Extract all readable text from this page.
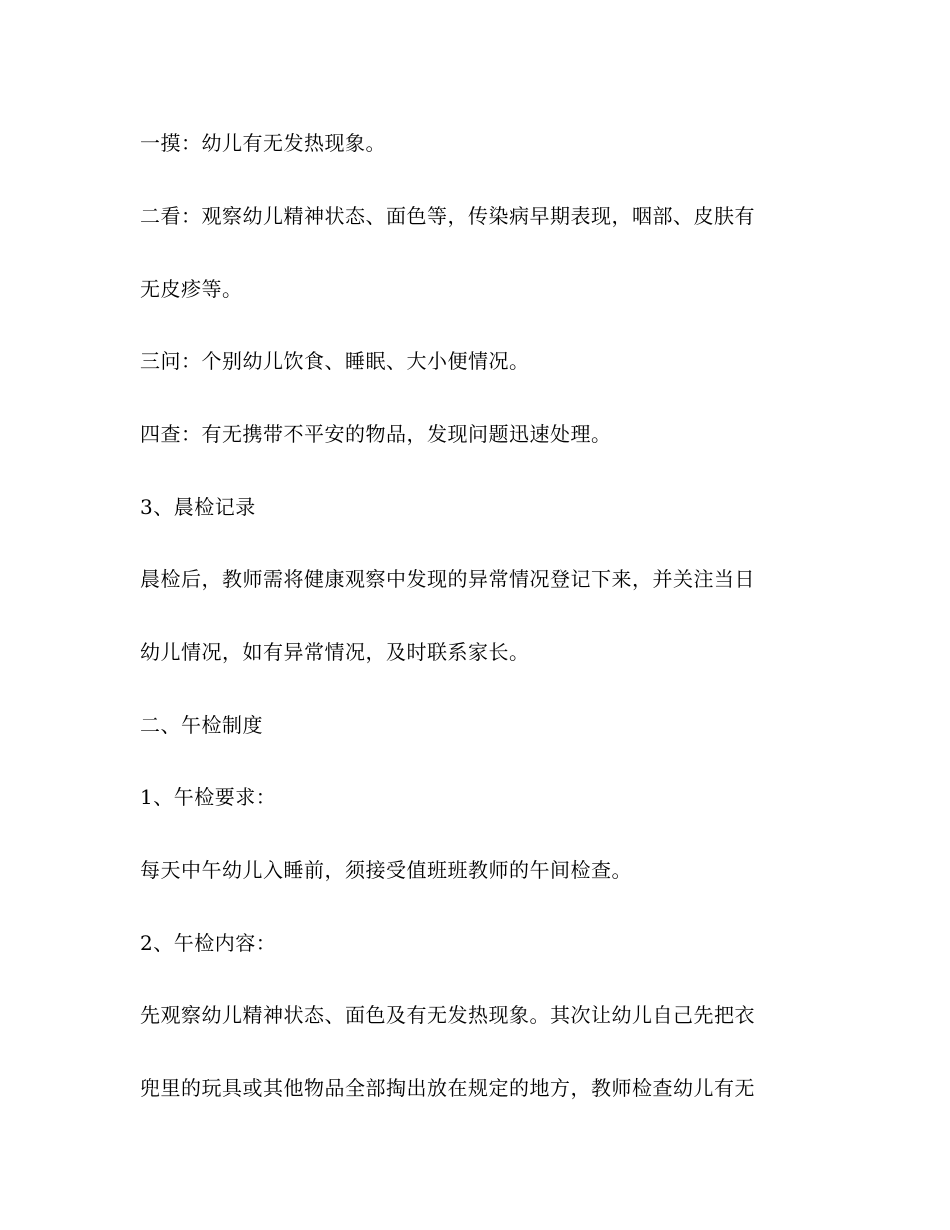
一摸：幼儿有无发热现象。
二看：观察幼儿精神状态、面色等，传染病早期表现，咽部、皮肤有
无皮疹等。
三问：个别幼儿饮食、睡眠、大小便情况。
四查：有无携带不平安的物品，发现问题迅速处理。
3、晨检记录
晨检后，教师需将健康观察中发现的异常情况登记下来，并关注当日
幼儿情况，如有异常情况，及时联系家长。
二、午检制度
1、午检要求：
每天中午幼儿入睡前，须接受值班班教师的午间检查。
2、午检内容：
先观察幼儿精神状态、面色及有无发热现象。其次让幼儿自己先把衣
兜里的玩具或其他物品全部掏出放在规定的地方，教师检查幼儿有无
